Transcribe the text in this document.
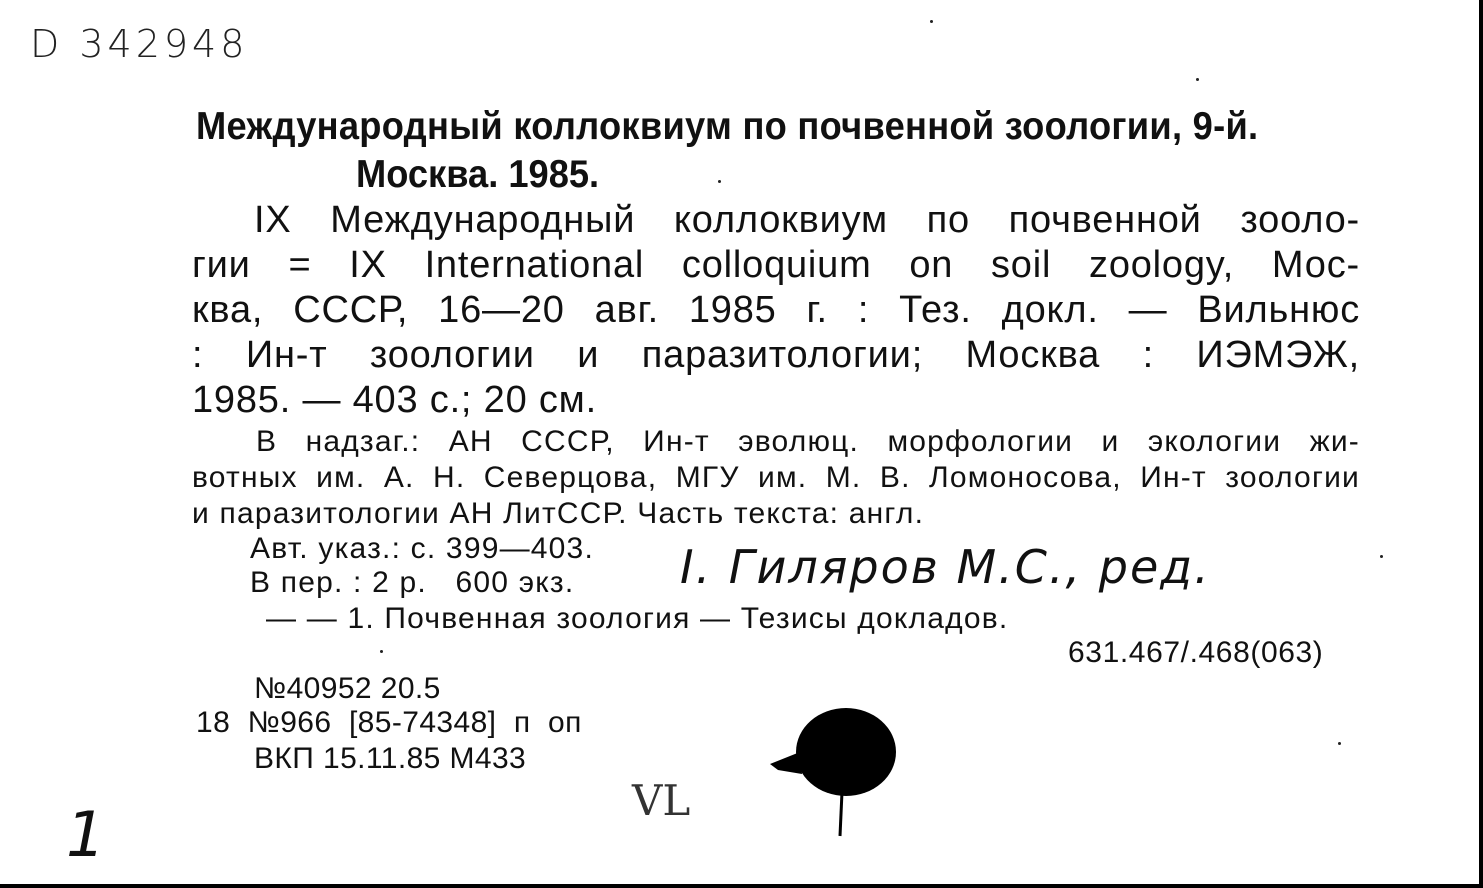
D 342948
Международный коллоквиум по почвенной зоологии, 9-й.
Москва. 1985.
IX Международный коллоквиум по почвенной зооло-
гии = IX International colloquium on soil zoology, Мос-
ква, СССР, 16—20 авг. 1985 г. : Тез. докл. — Вильнюс
: Ин-т зоологии и паразитологии; Москва : ИЭМЭЖ,
1985. — 403 с.; 20 см.
В надзаг.: АН СССР, Ин-т эволюц. морфологии и экологии жи-
вотных им. А. Н. Северцова, МГУ им. М. В. Ломоносова, Ин-т зоологии
и паразитологии АН ЛитССР. Часть текста: англ.
Авт. указ.: с. 399—403.
В пер. : 2 р.   600 экз. I. Гиляров М.С., ред.
— — 1. Почвенная зоология — Тезисы докладов.
631.467/.468(063)
№40952 20.5
18  №966  [85-74348]  п  оп
ВКП 15.11.85 М433
VL
1
